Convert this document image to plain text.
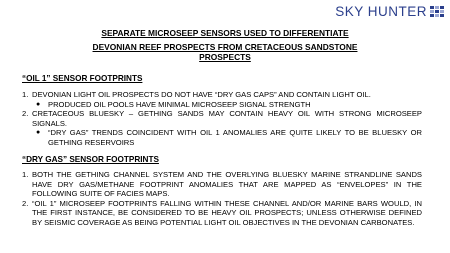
SKY HUNTER
SEPARATE MICROSEEP SENSORS USED TO DIFFERENTIATE
DEVONIAN REEF PROSPECTS FROM CRETACEOUS SANDSTONE
PROSPECTS
“OIL 1” SENSOR FOOTPRINTS
1. DEVONIAN LIGHT OIL PROSPECTS DO NOT HAVE “DRY GAS CAPS” AND CONTAIN LIGHT OIL.
●	PRODUCED OIL POOLS HAVE MINIMAL MICROSEEP SIGNAL STRENGTH
2. CRETACEOUS BLUESKY – GETHING SANDS MAY CONTAIN HEAVY OIL WITH STRONG MICROSEEP SIGNALS.
●	“DRY GAS” TRENDS COINCIDENT WITH OIL 1 ANOMALIES ARE QUITE LIKELY TO BE BLUESKY OR GETHING RESERVOIRS
“DRY GAS” SENSOR FOOTPRINTS
1. BOTH THE GETHING CHANNEL SYSTEM AND THE OVERLYING BLUESKY MARINE STRANDLINE SANDS HAVE DRY GAS/METHANE FOOTPRINT ANOMALIES THAT ARE MAPPED AS “ENVELOPES” IN THE FOLLOWING SUITE OF FACIES MAPS.
2. “OIL 1” MICROSEEP FOOTPRINTS FALLING WITHIN THESE CHANNEL AND/OR MARINE BARS WOULD, IN THE FIRST INSTANCE, BE CONSIDERED TO BE HEAVY OIL PROSPECTS; UNLESS OTHERWISE DEFINED BY SEISMIC COVERAGE AS BEING POTENTIAL LIGHT OIL OBJECTIVES IN THE DEVONIAN CARBONATES.
